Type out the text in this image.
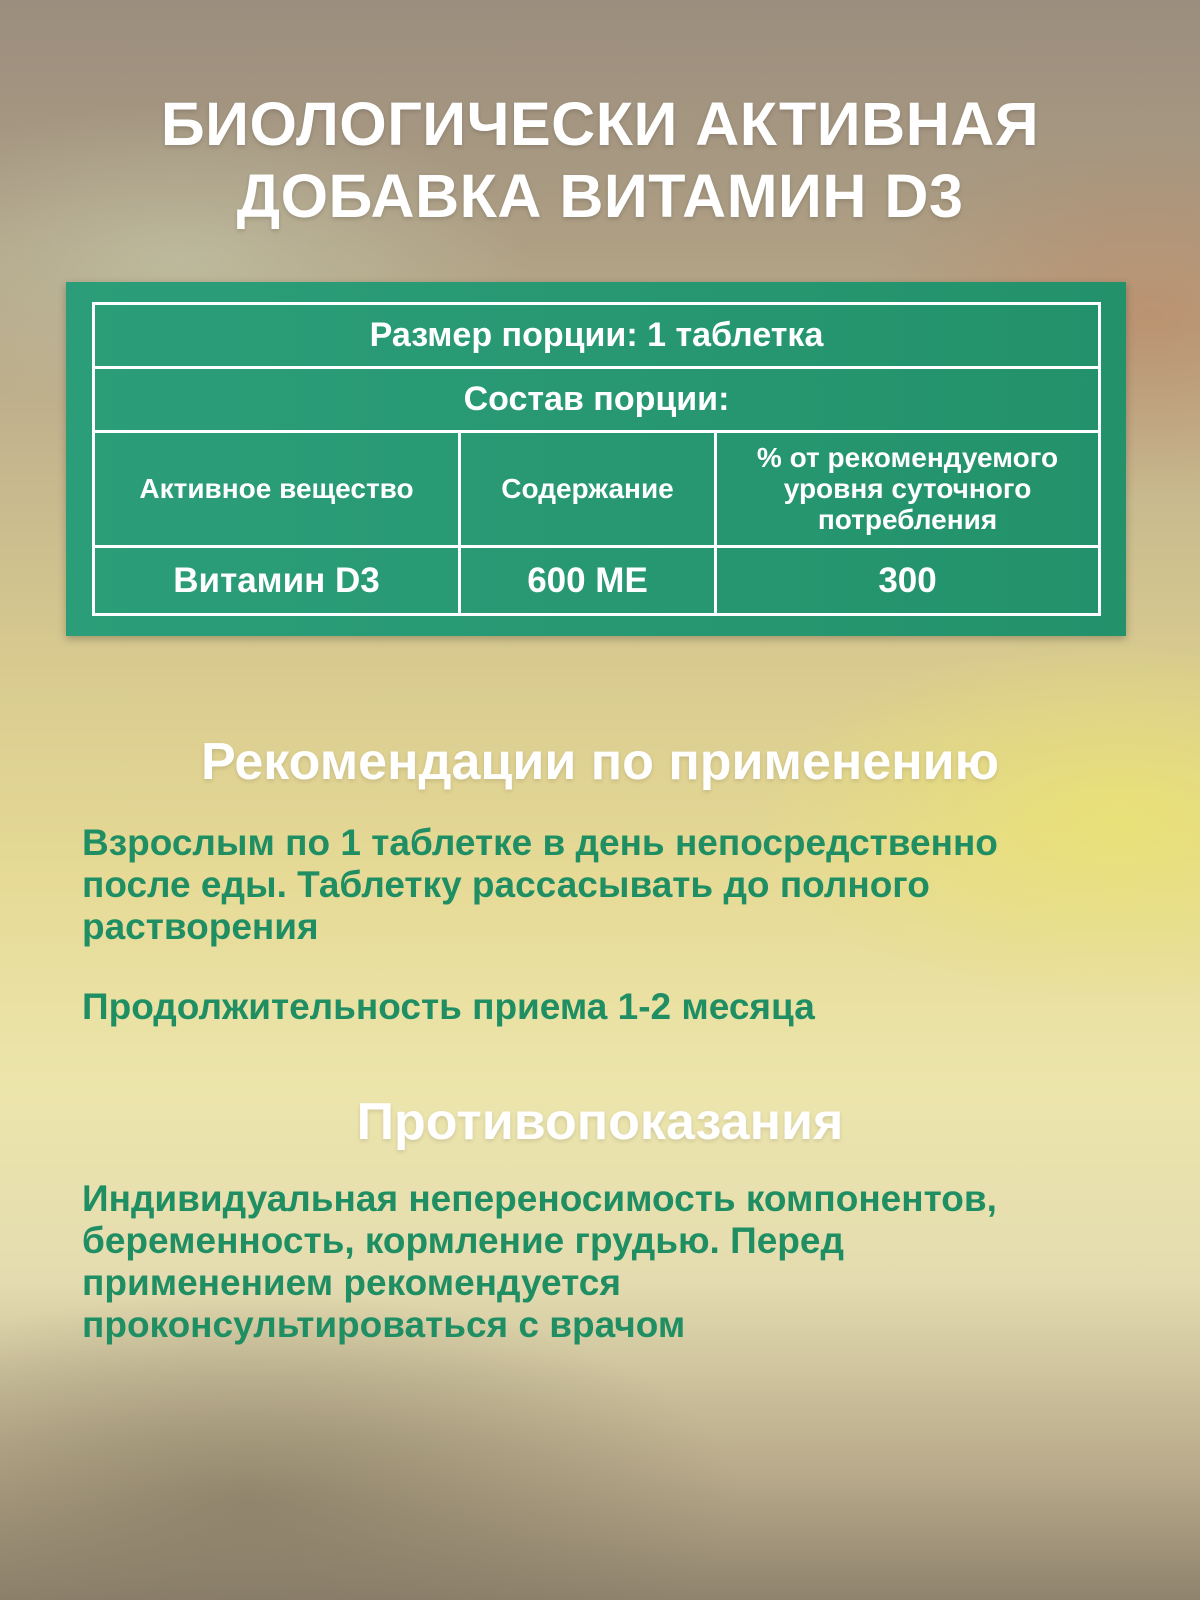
БИОЛОГИЧЕСКИ АКТИВНАЯ
ДОБАВКА ВИТАМИН D3
Размер порции: 1 таблетка		
Состав порции:		
Активное вещество	Содержание	% от рекомендуемого
уровня суточного
потребления

Витамин D3	600 МЕ	300
Рекомендации по применению
Взрослым по 1 таблетке в день непосредственно
после еды. Таблетку рассасывать до полного
растворения
Продолжительность приема 1-2 месяца
Противопоказания
Индивидуальная непереносимость компонентов,
беременность, кормление грудью. Перед
применением рекомендуется
проконсультироваться с врачом
